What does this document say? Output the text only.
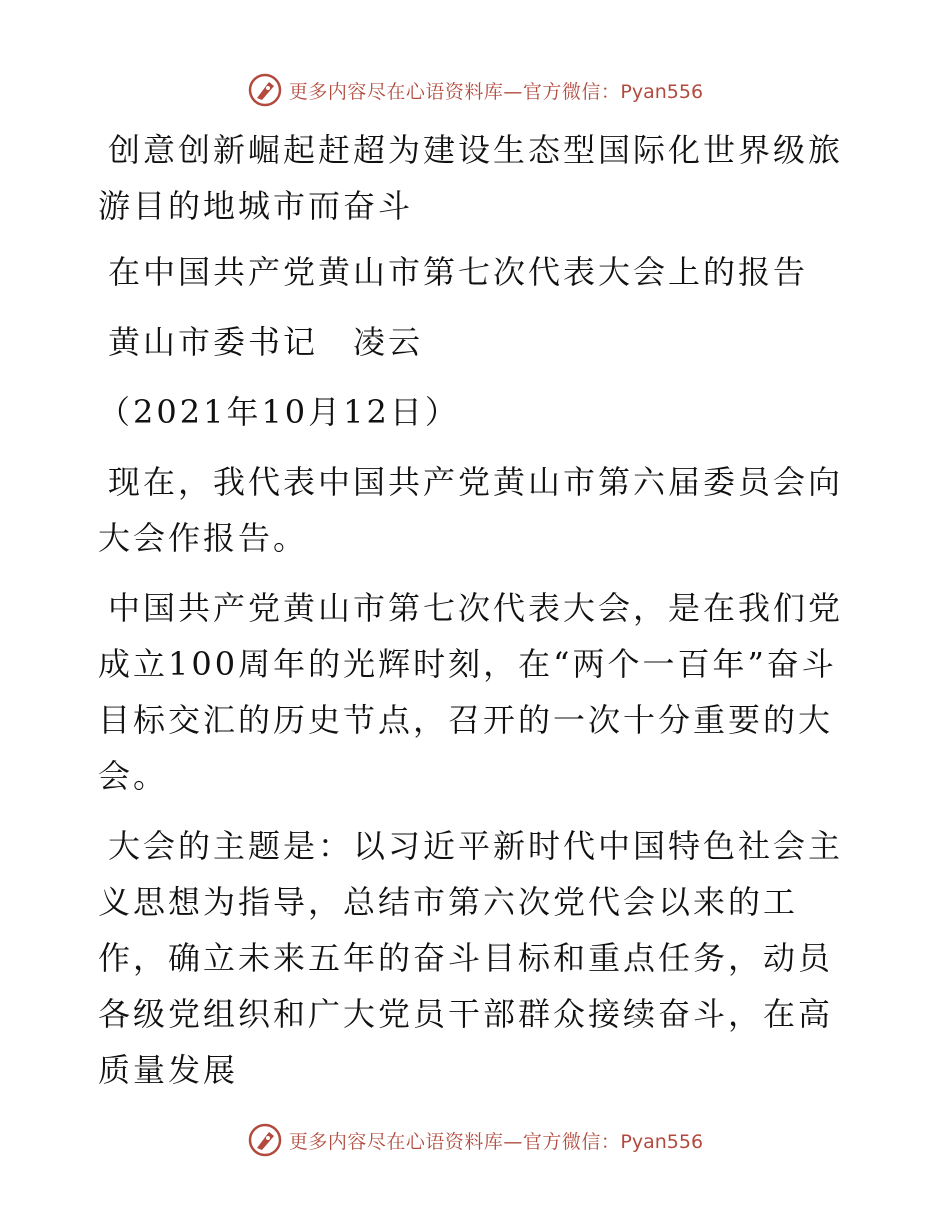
更多内容尽在心语资料库—官方微信：Pyan556

创意创新崛起赶超为建设生态型国际化世界级旅游目的地城市而奋斗

在中国共产党黄山市第七次代表大会上的报告

黄山市委书记　凌云

（2021年10月12日）

现在，我代表中国共产党黄山市第六届委员会向大会作报告。

中国共产党黄山市第七次代表大会，是在我们党成立100周年的光辉时刻，在“两个一百年”奋斗目标交汇的历史节点，召开的一次十分重要的大会。

大会的主题是：以习近平新时代中国特色社会主义思想为指导，总结市第六次党代会以来的工作，确立未来五年的奋斗目标和重点任务，动员各级党组织和广大党员干部群众接续奋斗，在高质量发展

更多内容尽在心语资料库—官方微信：Pyan556
